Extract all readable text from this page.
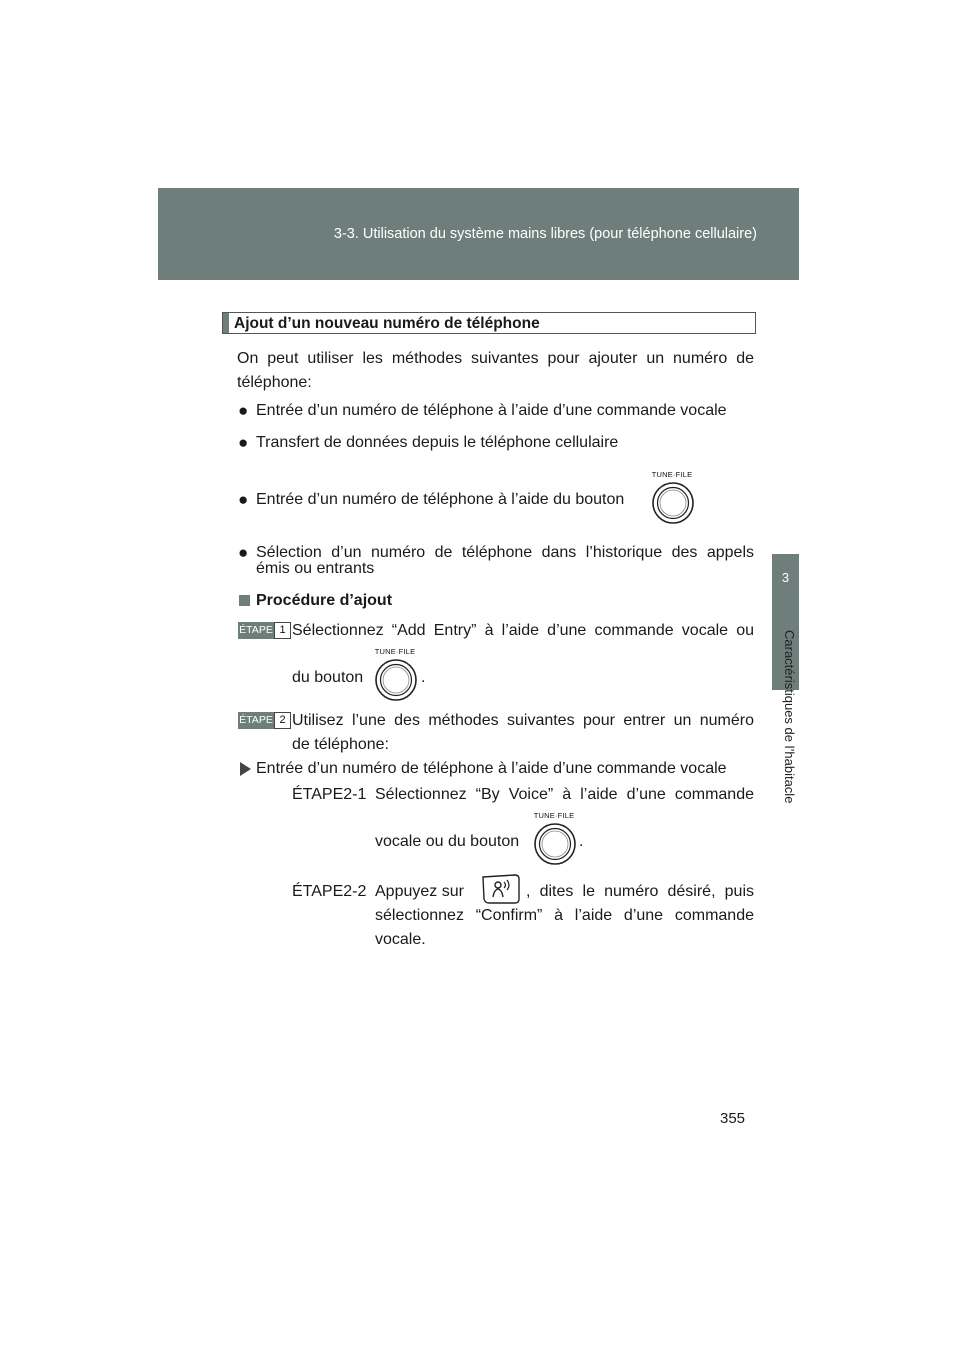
3-3. Utilisation du système mains libres (pour téléphone cellulaire)
3
Caractéristiques de l’habitacle
Ajout d’un nouveau numéro de téléphone
On peut utiliser les méthodes suivantes pour ajouter un numéro de
téléphone:
● Entrée d’un numéro de téléphone à l’aide d’une commande vocale
● Transfert de données depuis le téléphone cellulaire
● Entrée d’un numéro de téléphone à l’aide du bouton
TUNE·FILE
● Sélection d’un numéro de téléphone dans l’historique des appels
émis ou entrants
Procédure d’ajout
ÉTAPE 1 Sélectionnez “Add Entry” à l’aide d’une commande vocale ou
du bouton
TUNE·FILE
.
ÉTAPE 2 Utilisez l’une des méthodes suivantes pour entrer un numéro
de téléphone:
Entrée d’un numéro de téléphone à l’aide d’une commande vocale
ÉTAPE2-1 Sélectionnez “By Voice” à l’aide d’une commande
vocale ou du bouton
TUNE·FILE
.
ÉTAPE2-2 Appuyez sur	, dites le numéro désiré, puis
sélectionnez “Confirm” à l’aide d’une commande
vocale.
355
